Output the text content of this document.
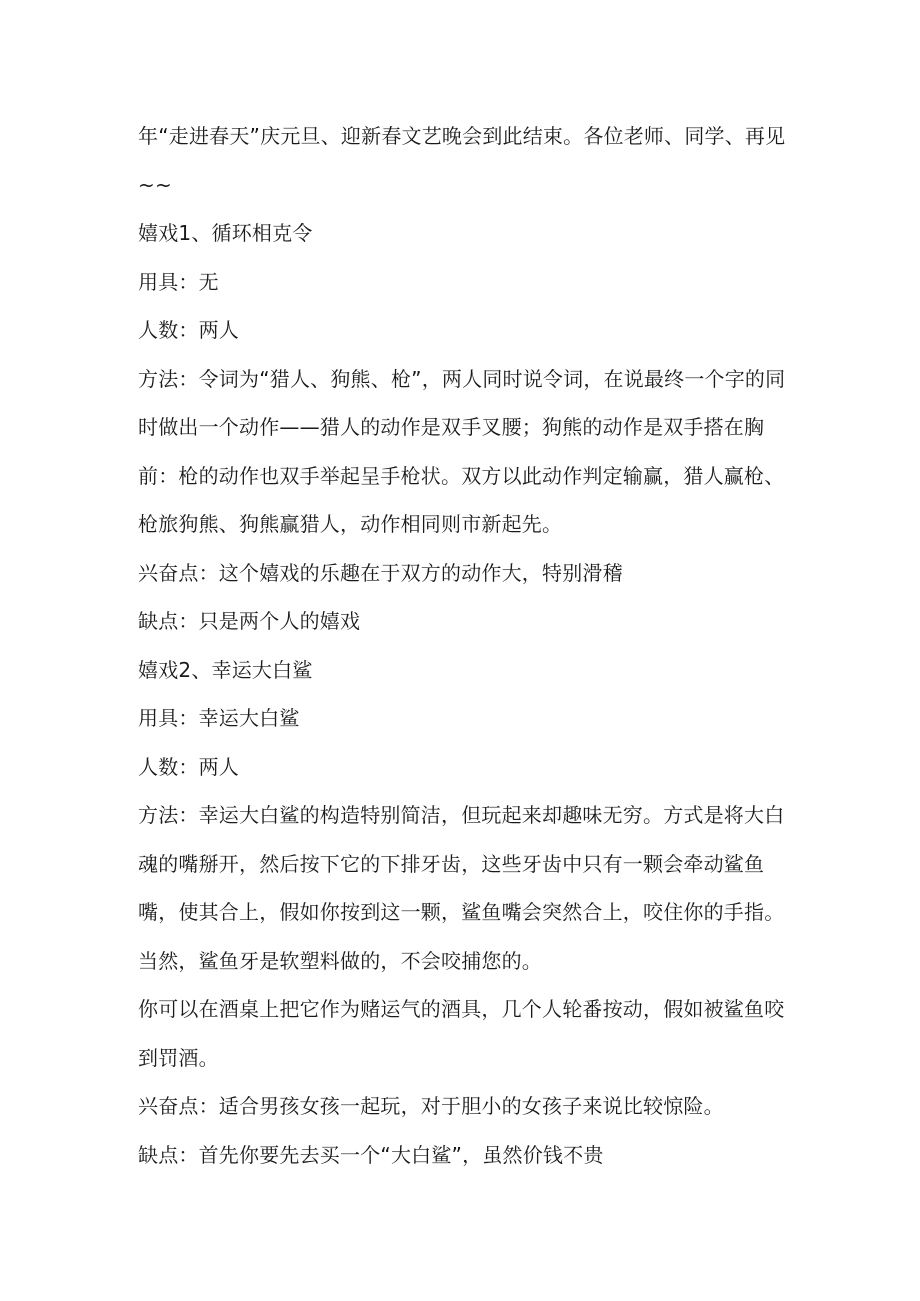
年“走进春天”庆元旦、迎新春文艺晚会到此结束。各位老师、同学、再见~~

嬉戏1、循环相克令

用具：无

人数：两人

方法：令词为“猎人、狗熊、枪”，两人同时说令词，在说最终一个字的同时做出一个动作——猎人的动作是双手叉腰；狗熊的动作是双手搭在胸前：枪的动作也双手举起呈手枪状。双方以此动作判定输赢，猎人赢枪、枪旅狗熊、狗熊赢猎人，动作相同则市新起先。

兴奋点：这个嬉戏的乐趣在于双方的动作大，特别滑稽

缺点：只是两个人的嬉戏

嬉戏2、幸运大白鲨

用具：幸运大白鲨

人数：两人

方法：幸运大白鲨的构造特别简洁，但玩起来却趣味无穷。方式是将大白魂的嘴掰开，然后按下它的下排牙齿，这些牙齿中只有一颗会牵动鲨鱼嘴，使其合上，假如你按到这一颗，鲨鱼嘴会突然合上，咬住你的手指。当然，鲨鱼牙是软塑料做的，不会咬捕您的。

你可以在酒桌上把它作为赌运气的酒具，几个人轮番按动，假如被鲨鱼咬到罚酒。

兴奋点：适合男孩女孩一起玩，对于胆小的女孩子来说比较惊险。

缺点：首先你要先去买一个“大白鲨”，虽然价钱不贵
